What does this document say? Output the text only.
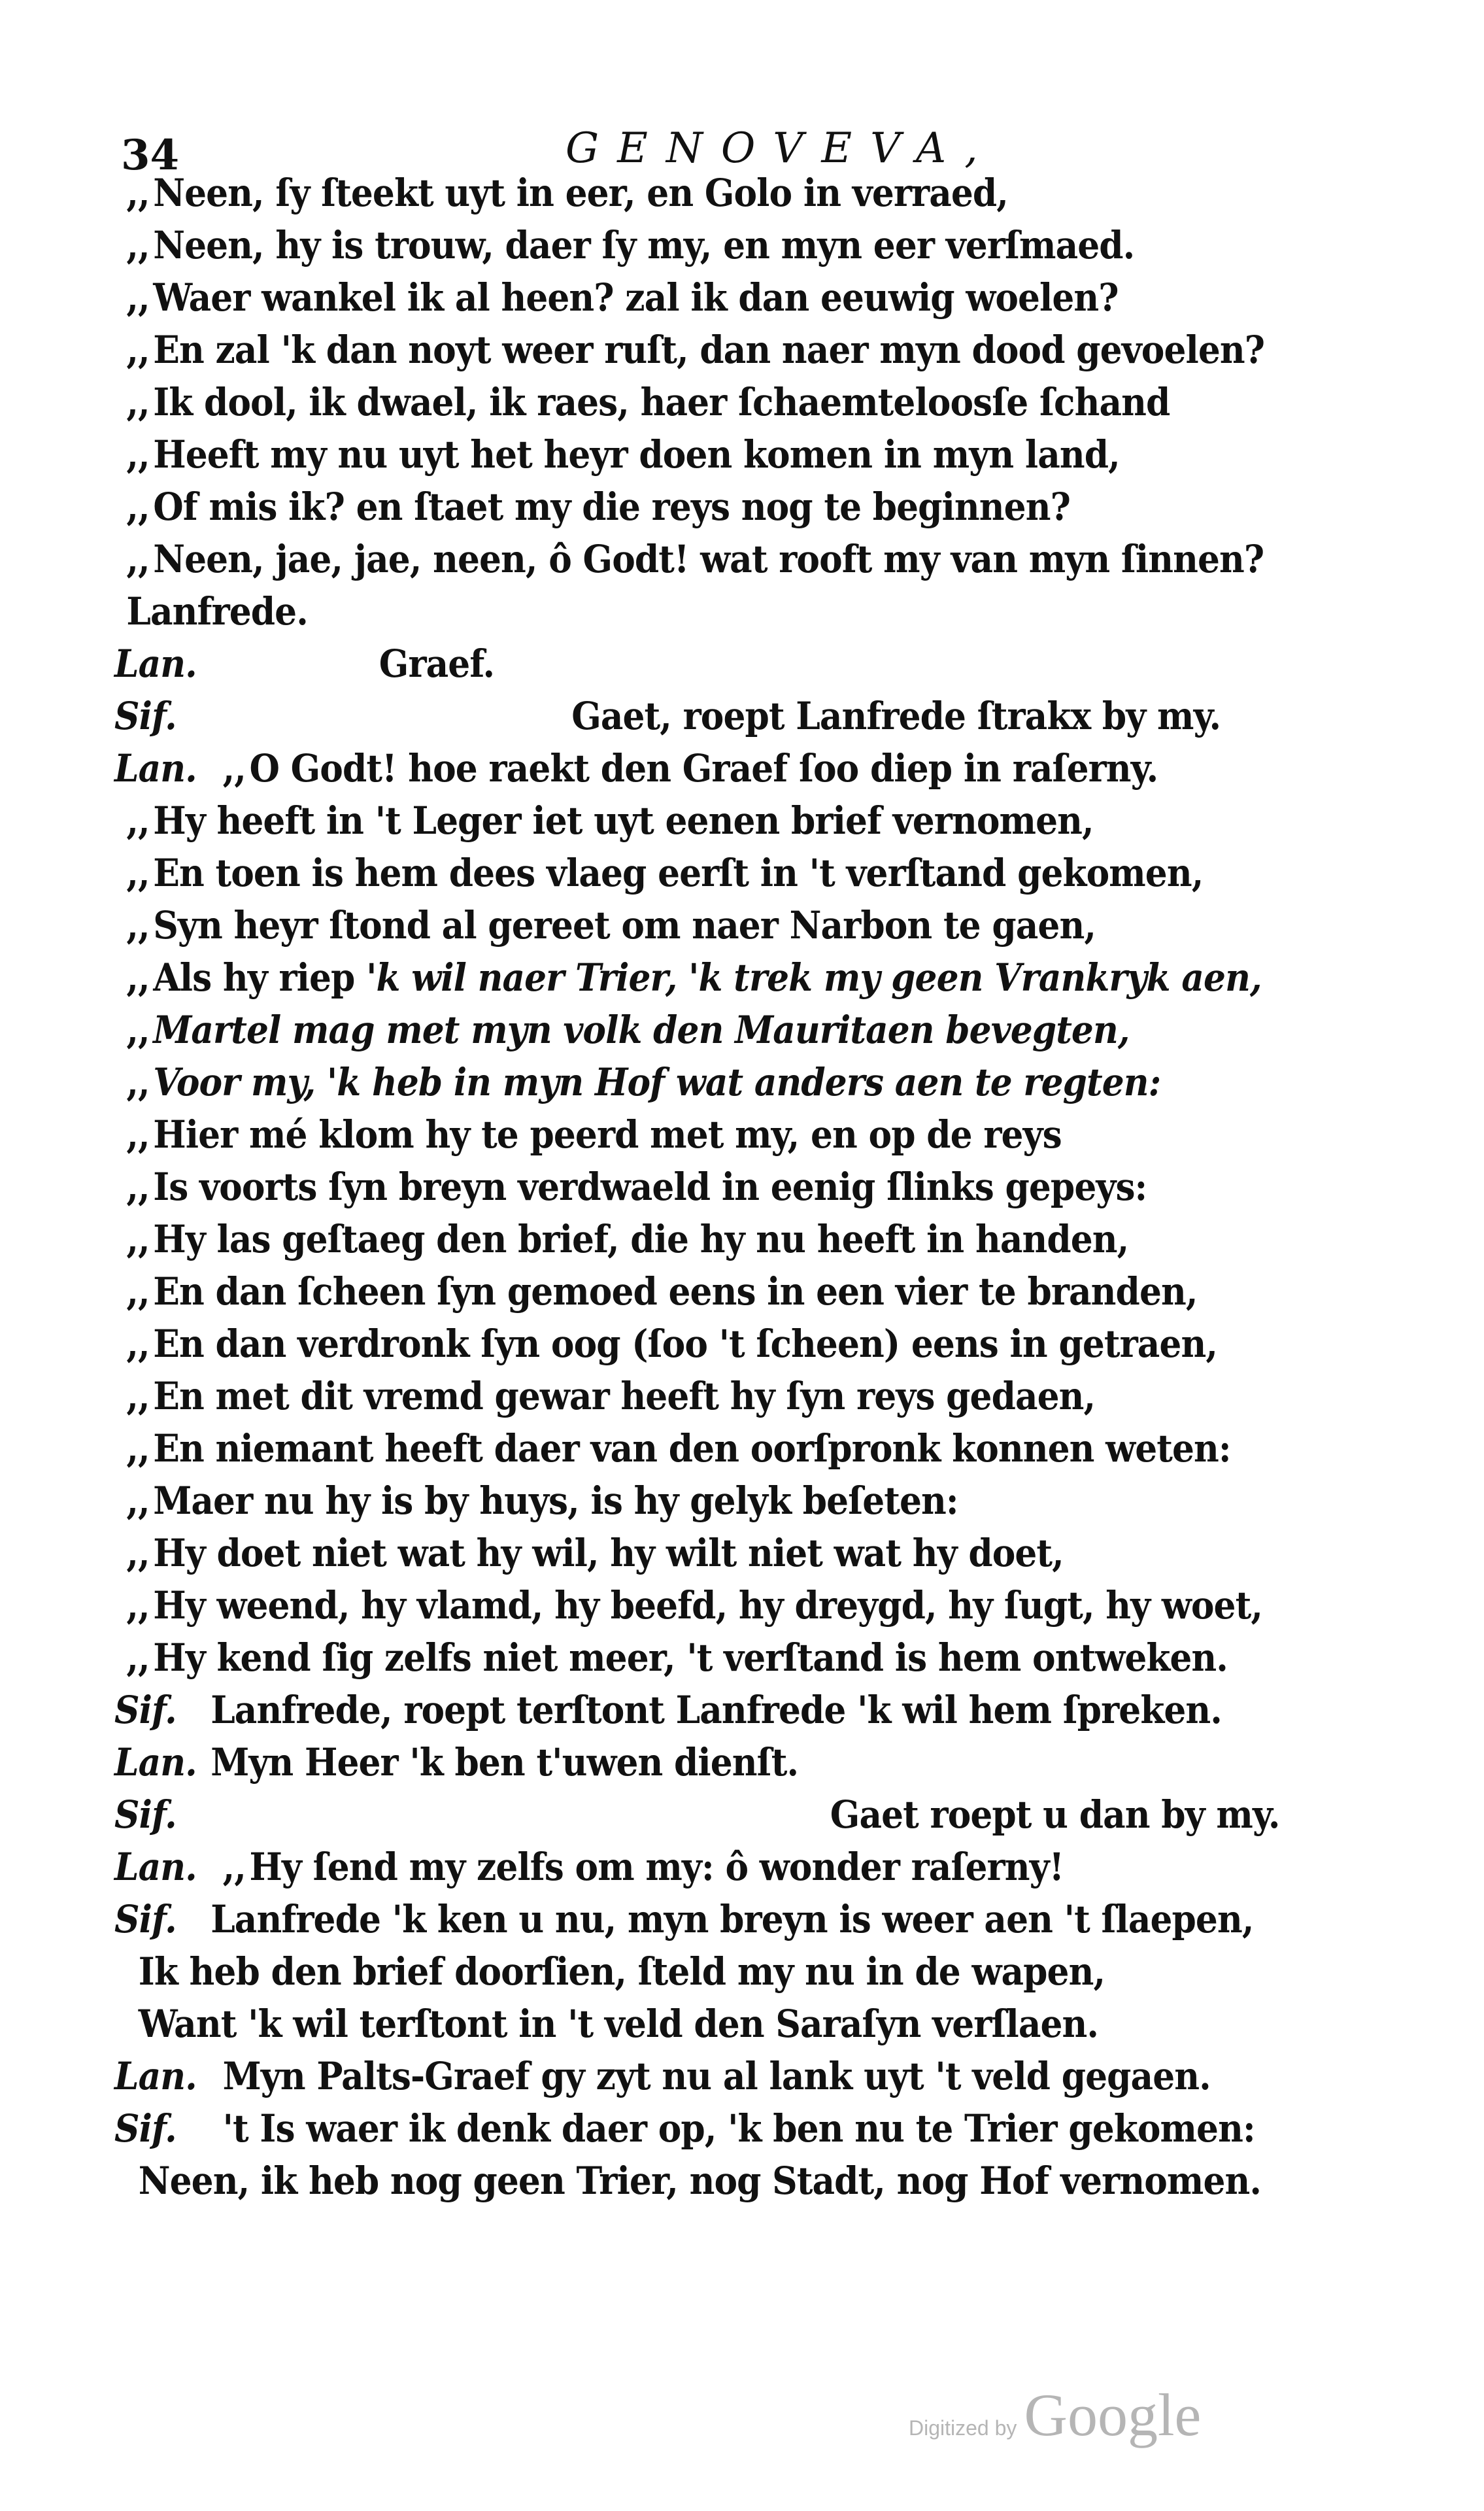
34	GENOVEVA,
,,Neen, ſy ſteekt uyt in eer, en Golo in verraed,
,,Neen, hy is trouw, daer ſy my, en myn eer verſmaed.
,,Waer wankel ik al heen? zal ik dan eeuwig woelen?
,,En zal 'k dan noyt weer ruſt, dan naer myn dood gevoelen?
,,Ik dool, ik dwael, ik raes, haer ſchaemteloosſe ſchand
,,Heeft my nu uyt het heyr doen komen in myn land,
,,Of mis ik? en ſtaet my die reys nog te beginnen?
,,Neen, jae, jae, neen, ô Godt! wat rooft my van myn ſinnen?
Lanfrede.
Lan.	Graef.
Sif.	Gaet, roept Lanfrede ſtrakx by my.
Lan. ,,O Godt! hoe raekt den Graef ſoo diep in raſerny.
,,Hy heeft in 't Leger iet uyt eenen brief vernomen,
,,En toen is hem dees vlaeg eerſt in 't verſtand gekomen,
,,Syn heyr ſtond al gereet om naer Narbon te gaen,
,,Als hy riep 'k wil naer Trier, 'k trek my geen Vrankryk aen,
,,Martel mag met myn volk den Mauritaen bevegten,
,,Voor my, 'k heb in myn Hof wat anders aen te regten:
,,Hier mé klom hy te peerd met my, en op de reys
,,Is voorts ſyn breyn verdwaeld in eenig ſlinks gepeys:
,,Hy las geſtaeg den brief, die hy nu heeft in handen,
,,En dan ſcheen ſyn gemoed eens in een vier te branden,
,,En dan verdronk ſyn oog (ſoo 't ſcheen) eens in getraen,
,,En met dit vremd gewar heeft hy ſyn reys gedaen,
,,En niemant heeft daer van den oorſpronk konnen weten:
,,Maer nu hy is by huys, is hy gelyk beſeten:
,,Hy doet niet wat hy wil, hy wilt niet wat hy doet,
,,Hy weend, hy vlamd, hy beefd, hy dreygd, hy ſugt, hy woet,
,,Hy kend ſig zelfs niet meer, 't verſtand is hem ontweken.
Sif. Lanfrede, roept terſtont Lanfrede 'k wil hem ſpreken.
Lan. Myn Heer 'k ben t'uwen dienſt.
Sif.	Gaet roept u dan by my.
Lan. ,,Hy ſend my zelfs om my: ô wonder raſerny!
Sif. Lanfrede 'k ken u nu, myn breyn is weer aen 't ſlaepen,
Ik heb den brief doorſien, ſteld my nu in de wapen,
Want 'k wil terſtont in 't veld den Saraſyn verſlaen.
Lan. Myn Palts-Graef gy zyt nu al lank uyt 't veld gegaen.
Sif. 't Is waer ik denk daer op, 'k ben nu te Trier gekomen:
Neen, ik heb nog geen Trier, nog Stadt, nog Hof vernomen.
Digitized by Google
